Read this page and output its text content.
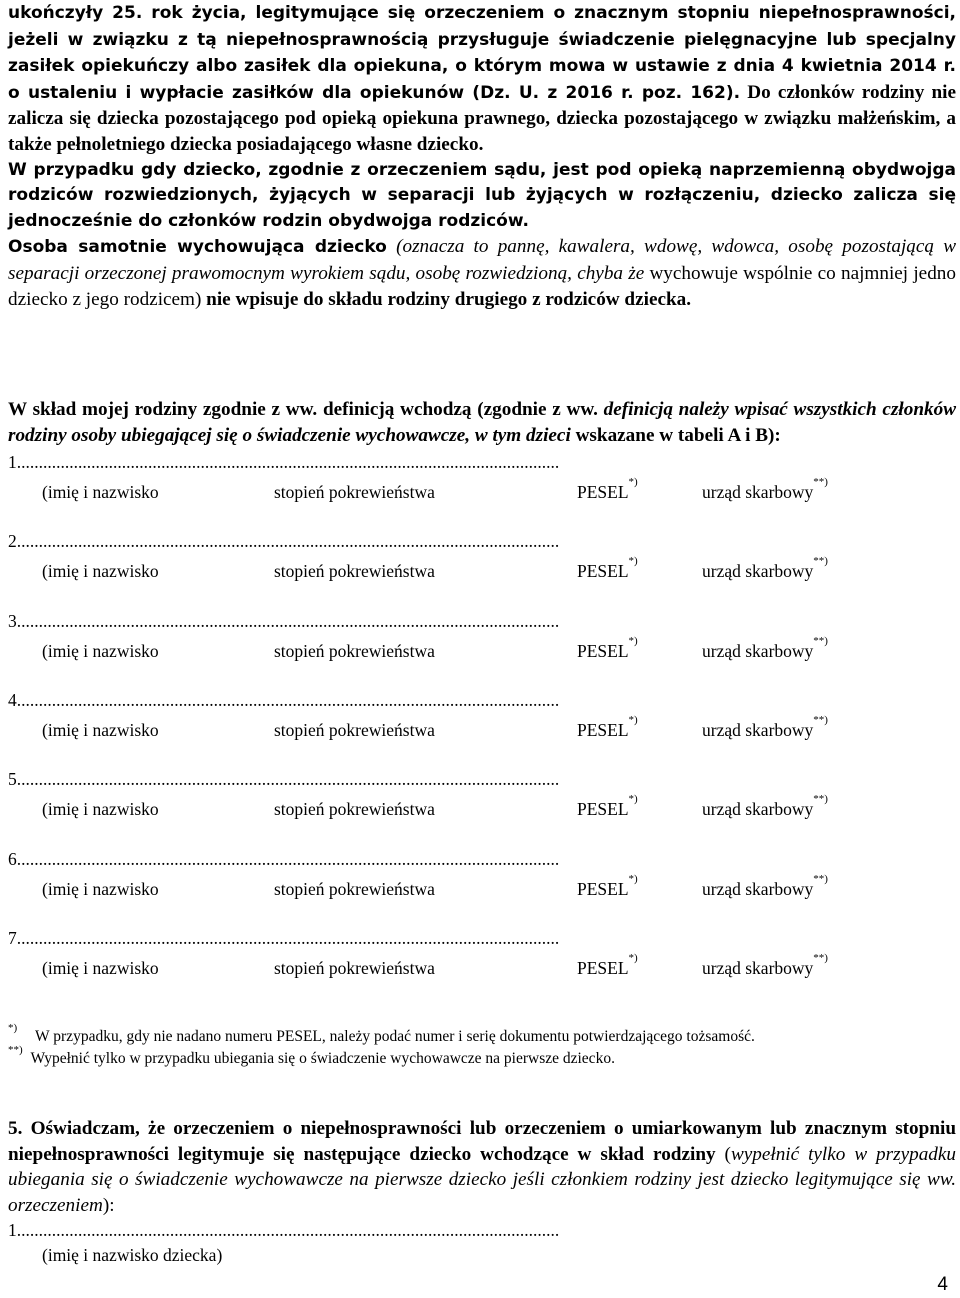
ukończyły 25. rok życia, legitymujące się orzeczeniem o znacznym stopniu niepełnosprawności, jeżeli w związku z tą niepełnosprawnością przysługuje świadczenie pielęgnacyjne lub specjalny zasiłek opiekuńczy albo zasiłek dla opiekuna, o którym mowa w ustawie z dnia 4 kwietnia 2014 r. o ustaleniu i wypłacie zasiłków dla opiekunów (Dz. U. z 2016 r. poz. 162). Do członków rodziny nie zalicza się dziecka pozostającego pod opieką opiekuna prawnego, dziecka pozostającego w związku małżeńskim, a także pełnoletniego dziecka posiadającego własne dziecko.

W przypadku gdy dziecko, zgodnie z orzeczeniem sądu, jest pod opieką naprzemienną obydwojga rodziców rozwiedzionych, żyjących w separacji lub żyjących w rozłączeniu, dziecko zalicza się jednocześnie do członków rodzin obydwojga rodziców.

Osoba samotnie wychowująca dziecko (oznacza to pannę, kawalera, wdowę, wdowca, osobę pozostającą w separacji orzeczonej prawomocnym wyrokiem sądu, osobę rozwiedzioną, chyba że wychowuje wspólnie co najmniej jedno dziecko z jego rodzicem) nie wpisuje do składu rodziny drugiego z rodziców dziecka.

W skład mojej rodziny zgodnie z ww. definicją wchodzą (zgodnie z ww. definicją należy wpisać wszystkich członków rodziny osoby ubiegającej się o świadczenie wychowawcze, w tym dzieci wskazane w tabeli A i B):

1............................................................................................................................
(imię i nazwisko	stopień pokrewieństwa	PESEL*)	urząd skarbowy**)
2............................................................................................................................
(imię i nazwisko	stopień pokrewieństwa	PESEL*)	urząd skarbowy**)
3............................................................................................................................
(imię i nazwisko	stopień pokrewieństwa	PESEL*)	urząd skarbowy**)
4............................................................................................................................
(imię i nazwisko	stopień pokrewieństwa	PESEL*)	urząd skarbowy**)
5............................................................................................................................
(imię i nazwisko	stopień pokrewieństwa	PESEL*)	urząd skarbowy**)
6............................................................................................................................
(imię i nazwisko	stopień pokrewieństwa	PESEL*)	urząd skarbowy**)
7............................................................................................................................
(imię i nazwisko	stopień pokrewieństwa	PESEL*)	urząd skarbowy**)
*) W przypadku, gdy nie nadano numeru PESEL, należy podać numer i serię dokumentu potwierdzającego tożsamość.
**) Wypełnić tylko w przypadku ubiegania się o świadczenie wychowawcze na pierwsze dziecko.

5. Oświadczam, że orzeczeniem o niepełnosprawności lub orzeczeniem o umiarkowanym lub znacznym stopniu niepełnosprawności legitymuje się następujące dziecko wchodzące w skład rodziny (wypełnić tylko w przypadku ubiegania się o świadczenie wychowawcze na pierwsze dziecko jeśli członkiem rodziny jest dziecko legitymujące się ww. orzeczeniem):

1............................................................................................................................
(imię i nazwisko dziecka)
4
